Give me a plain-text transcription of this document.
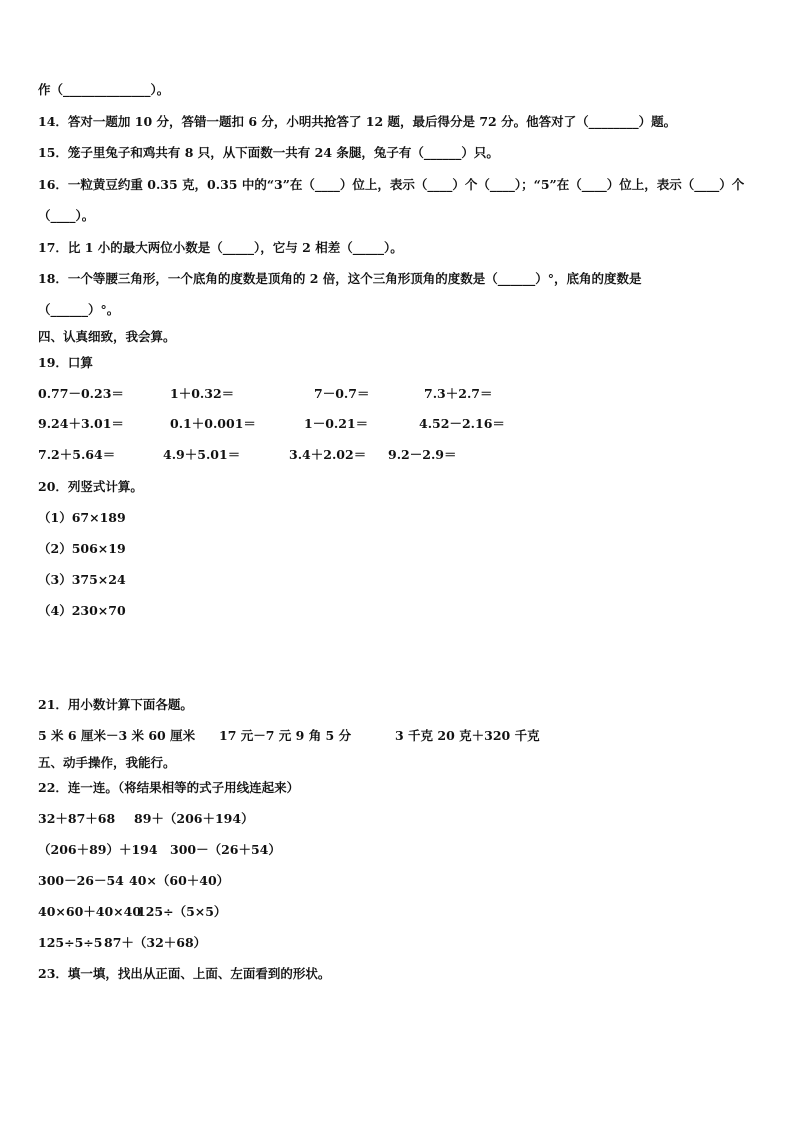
作（______________）。
14．答对一题加 10 分，答错一题扣 6 分，小明共抢答了 12 题，最后得分是 72 分。他答对了（________）题。
15．笼子里兔子和鸡共有 8 只，从下面数一共有 24 条腿，兔子有（______）只。
16．一粒黄豆约重 0.35 克，0.35 中的“3”在（____）位上，表示（____）个（____）；“5”在（____）位上，表示（____）个
（____）。
17．比 1 小的最大两位小数是（_____），它与 2 相差（_____）。
18．一个等腰三角形，一个底角的度数是顶角的 2 倍，这个三角形顶角的度数是（______）°，底角的度数是
（______）°。
四、认真细致，我会算。
19．口算
0.77－0.23＝	1＋0.32＝	7－0.7＝	7.3＋2.7＝
9.24＋3.01＝	0.1＋0.001＝	1－0.21＝	4.52－2.16＝
7.2＋5.64＝	4.9＋5.01＝	3.4＋2.02＝ 9.2－2.9＝
20．列竖式计算。
（1）67×189
（2）506×19
（3）375×24
（4）230×70
21．用小数计算下面各题。
5 米 6 厘米－3 米 60 厘米 17 元－7 元 9 角 5 分	3 千克 20 克＋320 千克
五、动手操作，我能行。
22．连一连。（将结果相等的式子用线连起来）
32＋87＋68 89＋（206＋194）
（206＋89）＋194 300－（26＋54）
300－26－54 40×（60＋40）
40×60＋40×40
125÷（5×5）
125÷5÷5 87＋（32＋68）
23．填一填，找出从正面、上面、左面看到的形状。
